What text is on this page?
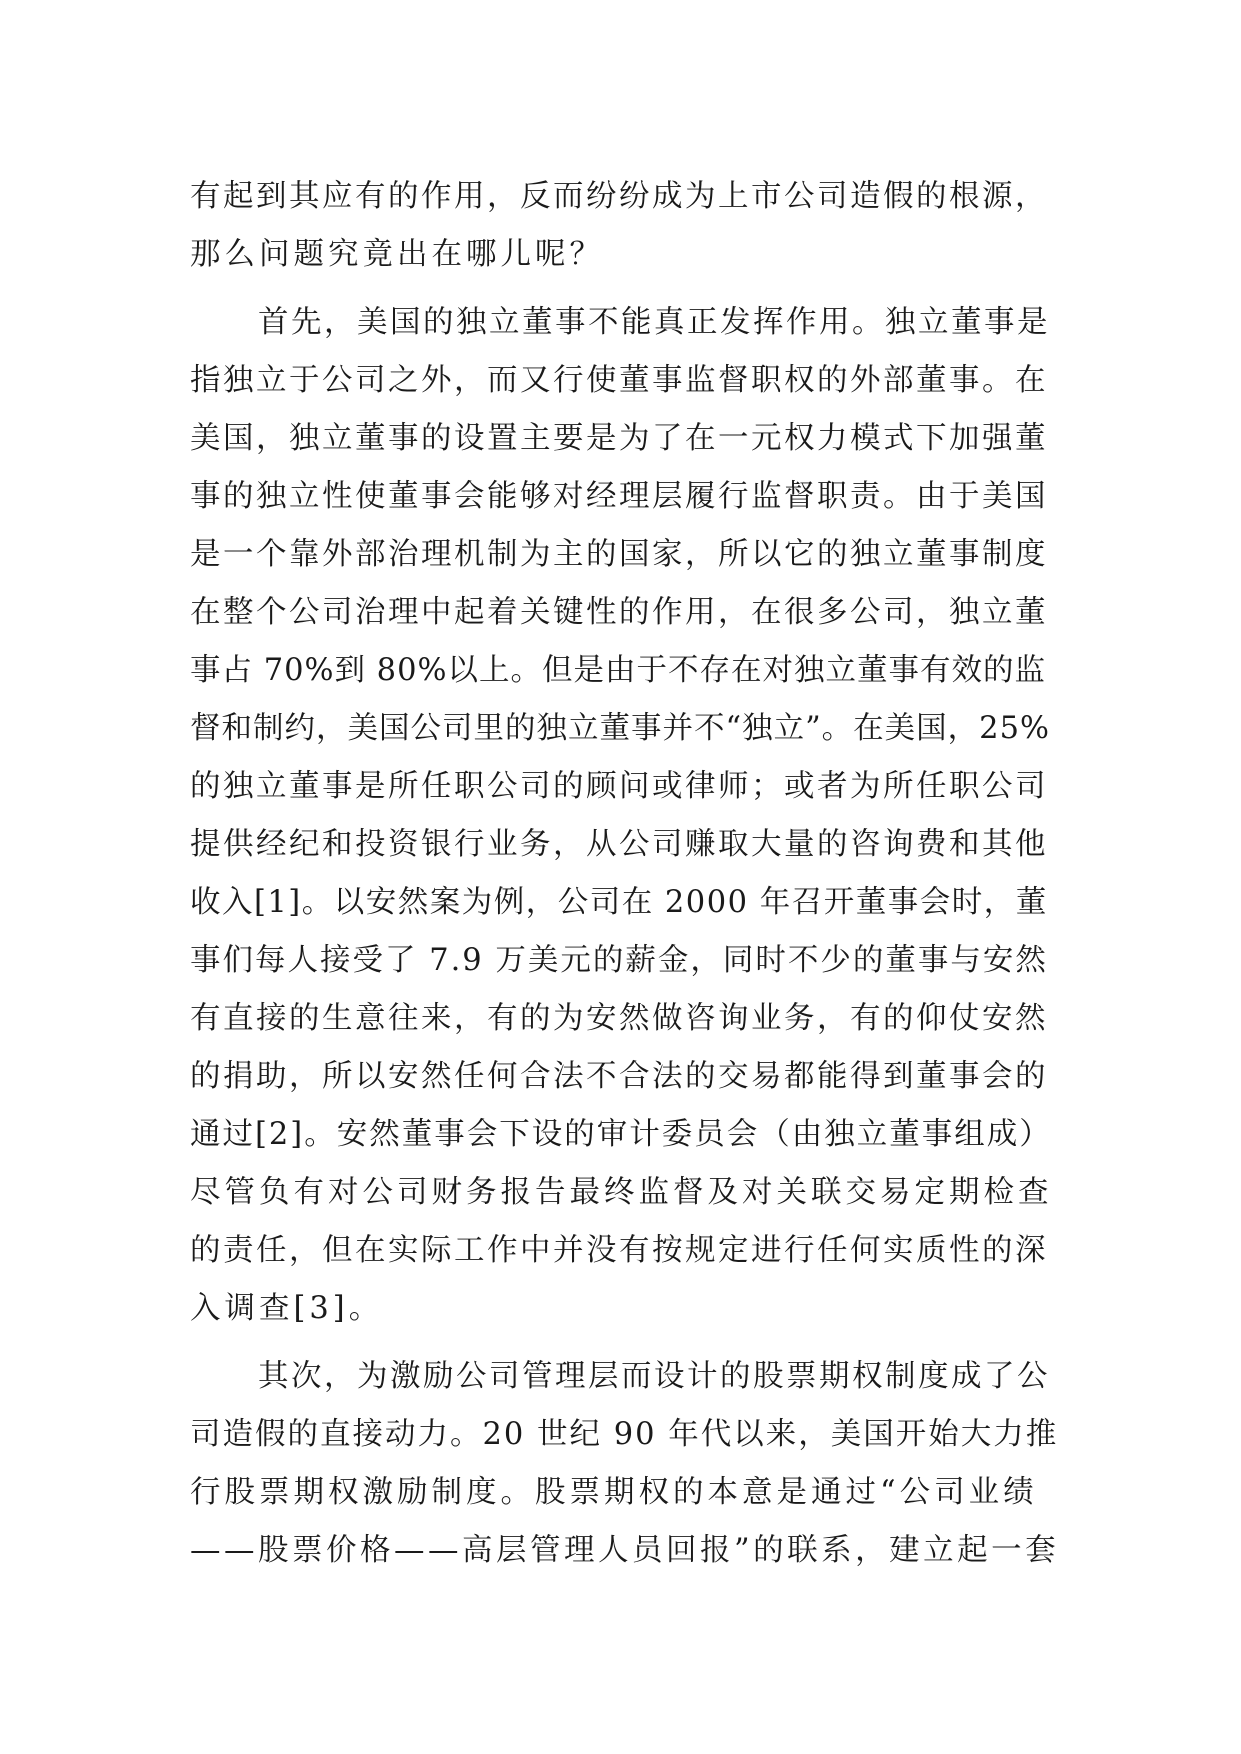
有起到其应有的作用，反而纷纷成为上市公司造假的根源，
那么问题究竟出在哪儿呢？
首先，美国的独立董事不能真正发挥作用。独立董事是
指独立于公司之外，而又行使董事监督职权的外部董事。在
美国，独立董事的设置主要是为了在一元权力模式下加强董
事的独立性使董事会能够对经理层履行监督职责。由于美国
是一个靠外部治理机制为主的国家，所以它的独立董事制度
在整个公司治理中起着关键性的作用，在很多公司，独立董
事占 70%到 80%以上。但是由于不存在对独立董事有效的监
督和制约，美国公司里的独立董事并不“独立”。在美国，25%
的独立董事是所任职公司的顾问或律师；或者为所任职公司
提供经纪和投资银行业务，从公司赚取大量的咨询费和其他
收入[1]。以安然案为例，公司在 2000 年召开董事会时，董
事们每人接受了 7.9 万美元的薪金，同时不少的董事与安然
有直接的生意往来，有的为安然做咨询业务，有的仰仗安然
的捐助，所以安然任何合法不合法的交易都能得到董事会的
通过[2]。安然董事会下设的审计委员会（由独立董事组成）
尽管负有对公司财务报告最终监督及对关联交易定期检查
的责任，但在实际工作中并没有按规定进行任何实质性的深
入调查[3]。
其次，为激励公司管理层而设计的股票期权制度成了公
司造假的直接动力。20 世纪 90 年代以来，美国开始大力推
行股票期权激励制度。股票期权的本意是通过“公司业绩
——股票价格——高层管理人员回报”的联系，建立起一套
